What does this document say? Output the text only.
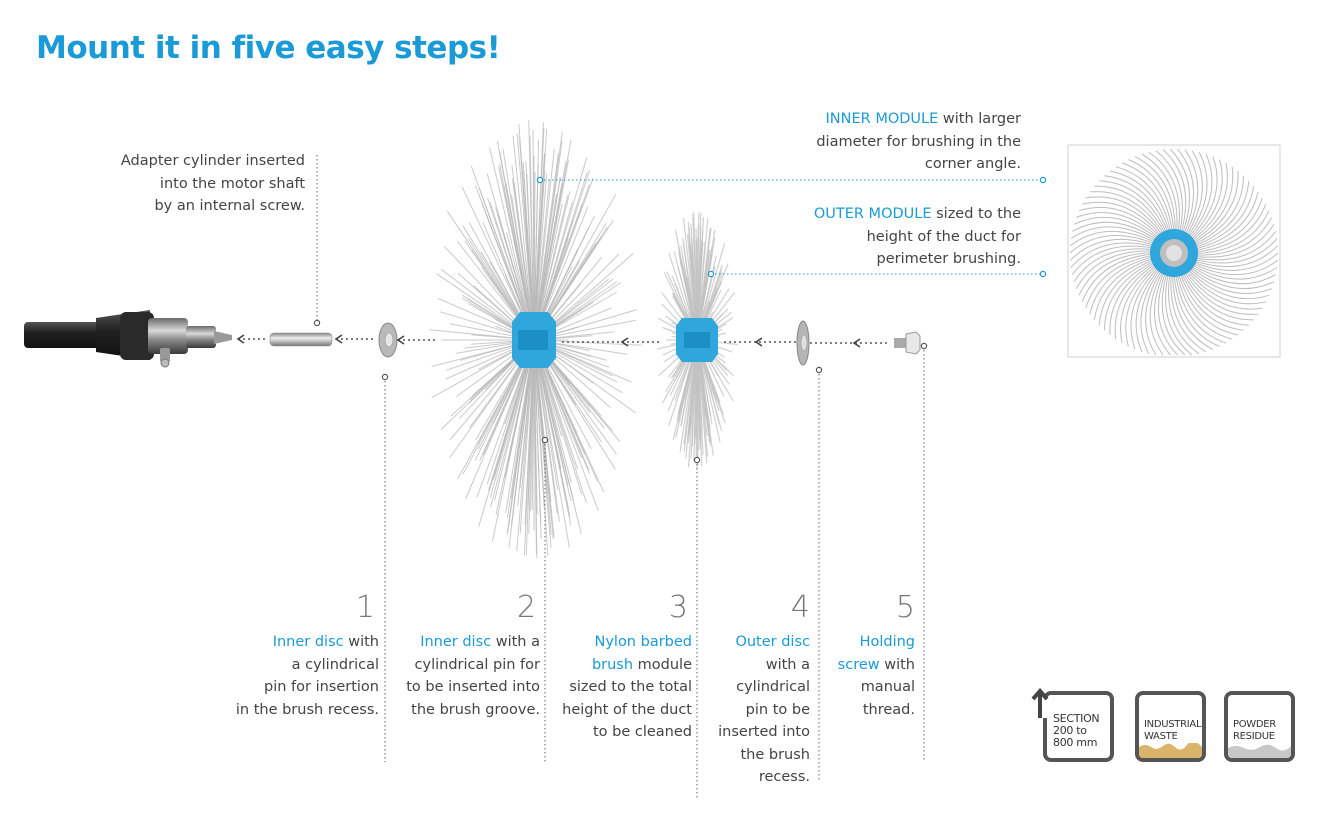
Mount it in five easy steps!
Adapter cylinder inserted
into the motor shaft
by an internal screw.
INNER MODULE with larger
diameter for brushing in the
corner angle.
OUTER MODULE sized to the
height of the duct for
perimeter brushing.
1
Inner disc with
a cylindrical
pin for insertion
in the brush recess.
2
Inner disc with a
cylindrical pin for
to be inserted into
the brush groove.
3
Nylon barbed
brush module
sized to the total
height of the duct
to be cleaned
4
Outer disc
with a
cylindrical
pin to be
inserted into
the brush
recess.
5
Holding
screw with
manual
thread.
SECTION
200 to
800 mm
INDUSTRIAL
WASTE
POWDER
RESIDUE
